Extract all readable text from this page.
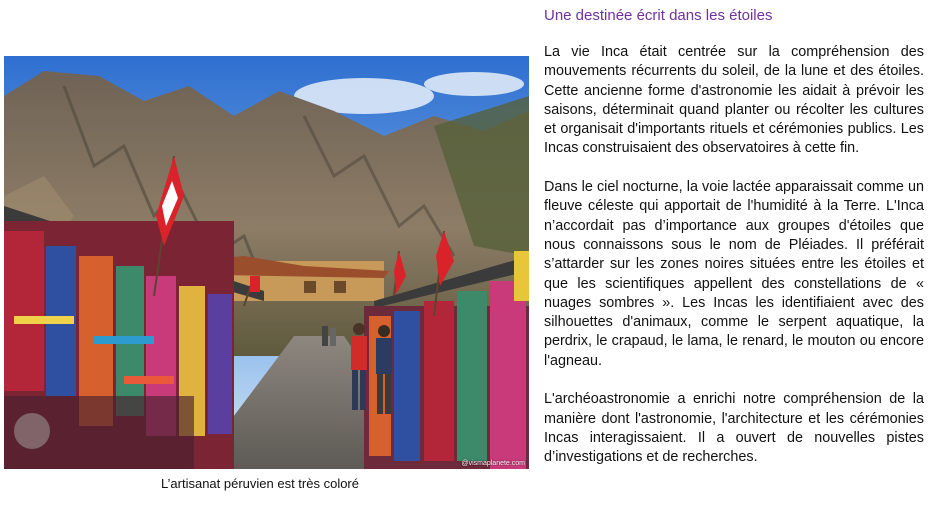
@vismaplanete.com
L’artisanat péruvien est très coloré
Une destinée écrit dans les étoiles

La vie Inca était centrée sur la compréhension des mouvements récurrents du soleil, de la lune et des étoiles. Cette ancienne forme d'astronomie les aidait à prévoir les saisons, déterminait quand planter ou récolter les cultures et organisait d'importants rituels et cérémonies publics. Les Incas construisaient des observatoires à cette fin.

Dans le ciel nocturne, la voie lactée apparaissait comme un fleuve céleste qui apportait de l'humidité à la Terre. L'Inca n’accordait pas d’importance aux groupes d'étoiles que nous connaissons sous le nom de Pléiades. Il préférait s’attarder sur les zones noires situées entre les étoiles et que les scientifiques appellent des constellations de « nuages sombres ». Les Incas les identifiaient avec des silhouettes d'animaux, comme le serpent aquatique, la perdrix, le crapaud, le lama, le renard, le mouton ou encore l'agneau.

L'archéoastronomie a enrichi notre compréhension de la manière dont l'astronomie, l'architecture et les cérémonies Incas interagissaient. Il a ouvert de nouvelles pistes d’investigations et de recherches.
